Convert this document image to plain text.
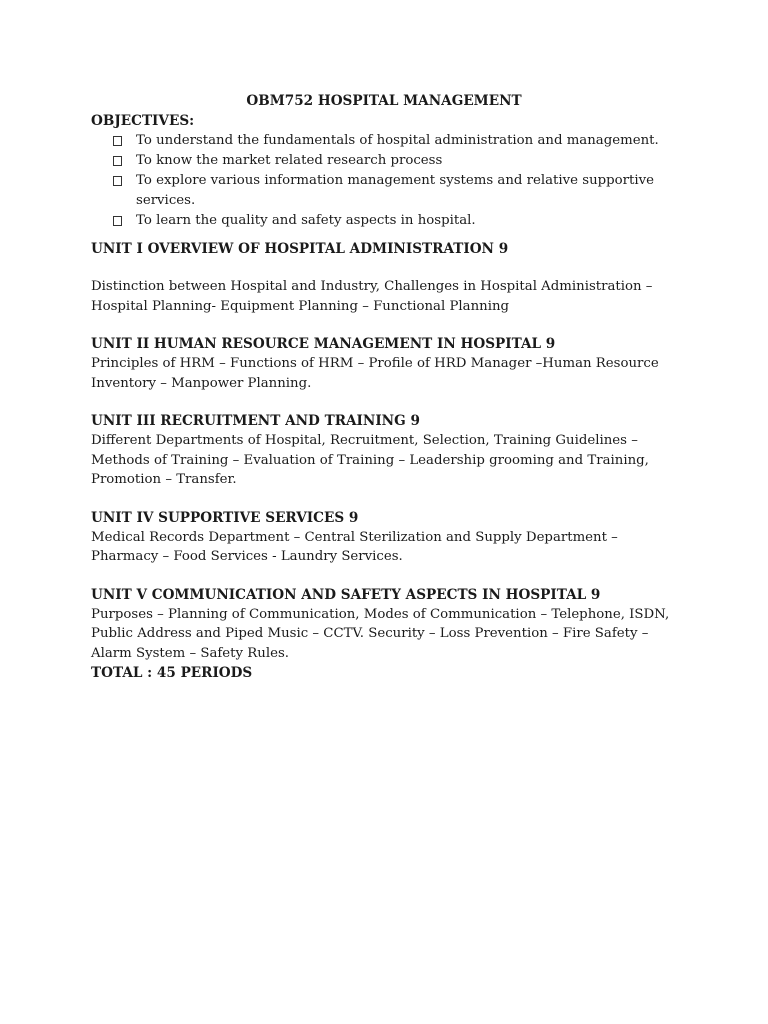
OBM752 HOSPITAL MANAGEMENT

OBJECTIVES:

To understand the fundamentals of hospital administration and management.
To know the market related research process
To explore various information management systems and relative supportive services.
To learn the quality and safety aspects in hospital.

UNIT I OVERVIEW OF HOSPITAL ADMINISTRATION 9

Distinction between Hospital and Industry, Challenges in Hospital Administration – Hospital Planning- Equipment Planning – Functional Planning

UNIT II HUMAN RESOURCE MANAGEMENT IN HOSPITAL 9

Principles of HRM – Functions of HRM – Profile of HRD Manager –Human Resource Inventory – Manpower Planning.

UNIT III RECRUITMENT AND TRAINING 9

Different Departments of Hospital, Recruitment, Selection, Training Guidelines – Methods of Training – Evaluation of Training – Leadership grooming and Training, Promotion – Transfer.

UNIT IV SUPPORTIVE SERVICES 9

Medical Records Department – Central Sterilization and Supply Department – Pharmacy – Food Services - Laundry Services.

UNIT V COMMUNICATION AND SAFETY ASPECTS IN HOSPITAL 9

Purposes – Planning of Communication, Modes of Communication – Telephone, ISDN, Public Address and Piped Music – CCTV. Security – Loss Prevention – Fire Safety – Alarm System – Safety Rules.

TOTAL : 45 PERIODS
